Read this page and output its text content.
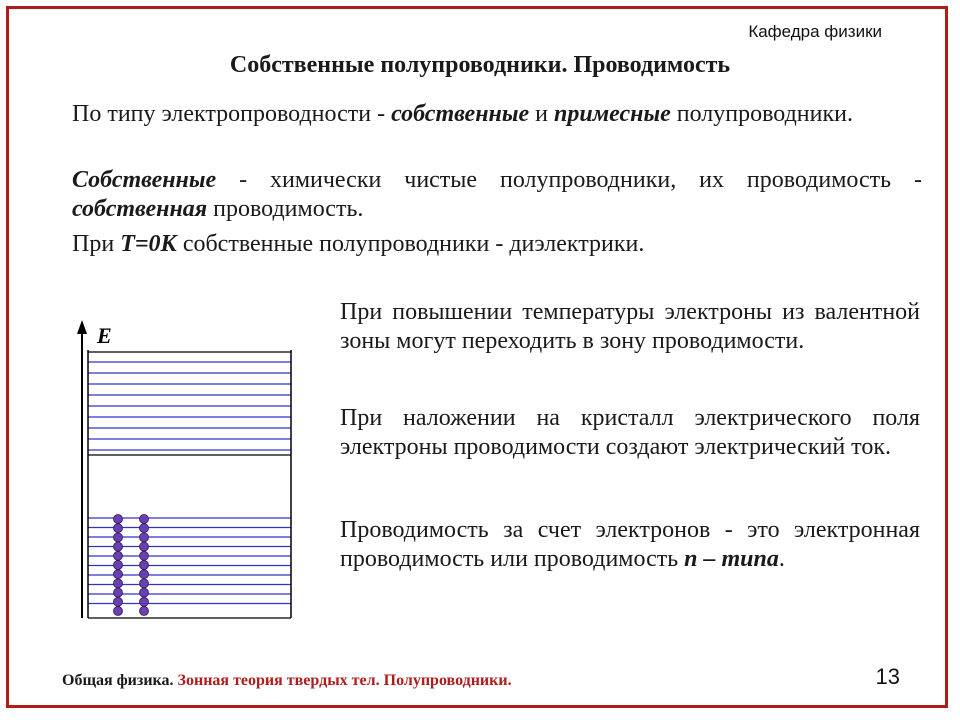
Кафедра физики
Собственные полупроводники. Проводимость
По типу электропроводности - собственные и примесные полупроводники.
Собственные - химически чистые полупроводники, их проводимость - собственная проводимость.
При T=0К собственные полупроводники - диэлектрики.
E
При повышении температуры электроны из валентной зоны могут переходить в зону проводимости.
При наложении на кристалл электрического поля электроны проводимости создают электрический ток.
Проводимость за счет электронов - это электронная проводимость или проводимость n – типа.
Общая физика. Зонная теория твердых тел. Полупроводники.	13
